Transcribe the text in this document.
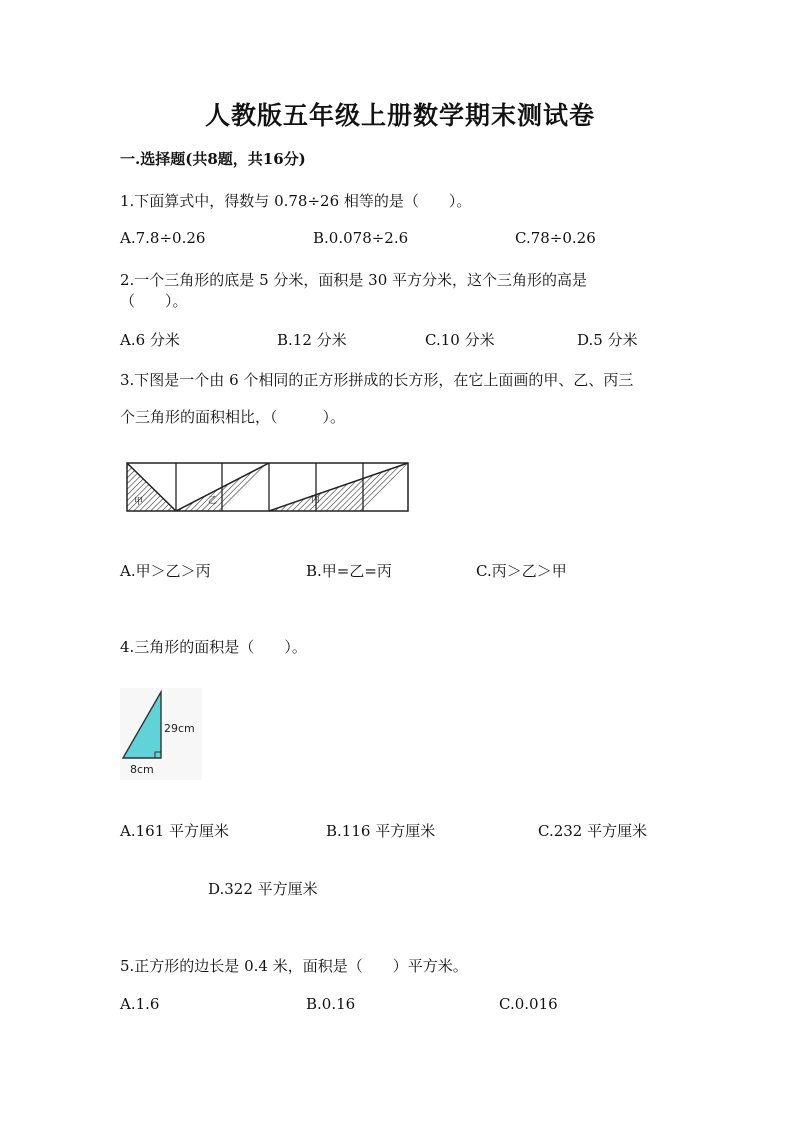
人教版五年级上册数学期末测试卷
一.选择题(共8题，共16分)
1.下面算式中，得数与 0.78÷26 相等的是（　　）。
A.7.8÷0.26	B.0.078÷2.6	C.78÷0.26
2.一个三角形的底是 5 分米，面积是 30 平方分米，这个三角形的高是
（　　）。
A.6 分米	B.12 分米	C.10 分米	D.5 分米
3.下图是一个由 6 个相同的正方形拼成的长方形，在它上面画的甲、乙、丙三
个三角形的面积相比，（　　　）。
甲	乙	丙
A.甲＞乙＞丙	B.甲=乙=丙	C.丙＞乙＞甲
4.三角形的面积是（　　）。
29cm
8cm
A.161 平方厘米	B.116 平方厘米	C.232 平方厘米
D.322 平方厘米
5.正方形的边长是 0.4 米，面积是（　　）平方米。
A.1.6	B.0.16	C.0.016
